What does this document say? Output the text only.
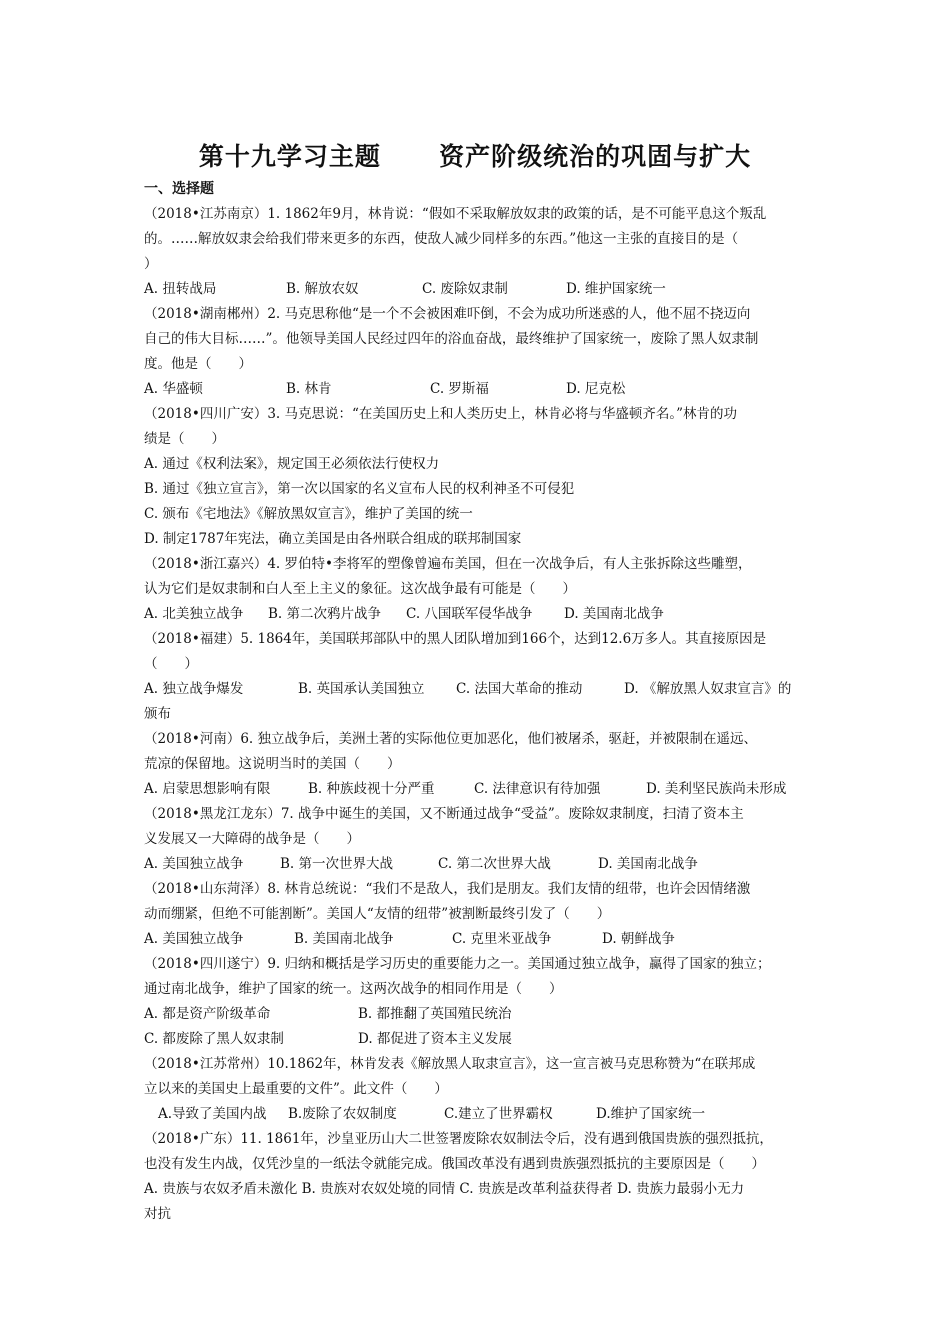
第十九学习主题      资产阶级统治的巩固与扩大
一、选择题
（2018•江苏南京）1. 1862年9月，林肯说：“假如不采取解放奴隶的政策的话，是不可能平息这个叛乱
的。……解放奴隶会给我们带来更多的东西，使敌人减少同样多的东西。”他这一主张的直接目的是（
）
A. 扭转战局	B. 解放农奴	C. 废除奴隶制	D. 维护国家统一
（2018•湖南郴州）2. 马克思称他“是一个不会被困难吓倒，不会为成功所迷惑的人，他不屈不挠迈向
自己的伟大目标……”。他领导美国人民经过四年的浴血奋战，最终维护了国家统一，废除了黑人奴隶制
度。他是（　　）
A. 华盛顿	B. 林肯	C. 罗斯福	D. 尼克松
（2018•四川广安）3. 马克思说：“在美国历史上和人类历史上，林肯必将与华盛顿齐名。”林肯的功
绩是（　　）
A. 通过《权利法案》，规定国王必须依法行使权力
B. 通过《独立宣言》，第一次以国家的名义宣布人民的权利神圣不可侵犯
C. 颁布《宅地法》《解放黑奴宣言》，维护了美国的统一
D. 制定1787年宪法，确立美国是由各州联合组成的联邦制国家
（2018•浙江嘉兴）4. 罗伯特•李将军的塑像曾遍布美国，但在一次战争后，有人主张拆除这些雕塑，
认为它们是奴隶制和白人至上主义的象征。这次战争最有可能是（　　）
A. 北美独立战争	B. 第二次鸦片战争	C. 八国联军侵华战争	D. 美国南北战争
（2018•福建）5. 1864年，美国联邦部队中的黑人团队增加到166个，达到12.6万多人。其直接原因是
（　　）
A. 独立战争爆发	B. 英国承认美国独立	C. 法国大革命的推动	D. 《解放黑人奴隶宣言》的
颁布
（2018•河南）6. 独立战争后，美洲土著的实际他位更加恶化，他们被屠杀，驱赶，并被限制在遥远、
荒凉的保留地。这说明当时的美国（　　）
A. 启蒙思想影响有限	B. 种族歧视十分严重	C. 法律意识有待加强	D. 美利坚民族尚未形成
（2018•黑龙江龙东）7. 战争中诞生的美国，又不断通过战争“受益”。废除奴隶制度，扫清了资本主
义发展又一大障碍的战争是（　　）
A. 美国独立战争	B. 第一次世界大战	C. 第二次世界大战	D. 美国南北战争
（2018•山东菏泽）8. 林肯总统说：“我们不是敌人，我们是朋友。我们友情的纽带，也许会因情绪激
动而绷紧，但绝不可能割断”。美国人“友情的纽带”被割断最终引发了（　　）
A. 美国独立战争	B. 美国南北战争	C. 克里米亚战争	D. 朝鲜战争
（2018•四川遂宁）9. 归纳和概括是学习历史的重要能力之一。美国通过独立战争，赢得了国家的独立；
通过南北战争，维护了国家的统一。这两次战争的相同作用是（　　）
A. 都是资产阶级革命	B. 都推翻了英国殖民统治
C. 都废除了黑人奴隶制	D. 都促进了资本主义发展
（2018•江苏常州）10.1862年，林肯发表《解放黑人取隶宣言》，这一宣言被马克思称赞为“在联邦成
立以来的美国史上最重要的文件”。此文件（　　）
A.导致了美国内战	B.废除了农奴制度	C.建立了世界霸权	D.维护了国家统一
（2018•广东）11. 1861年，沙皇亚历山大二世签署废除农奴制法令后，没有遇到俄国贵族的强烈抵抗，
也没有发生内战，仅凭沙皇的一纸法令就能完成。俄国改革没有遇到贵族强烈抵抗的主要原因是（　　）
A. 贵族与农奴矛盾未激化 B. 贵族对农奴处境的同情 C. 贵族是改革利益获得者 D. 贵族力最弱小无力
对抗
